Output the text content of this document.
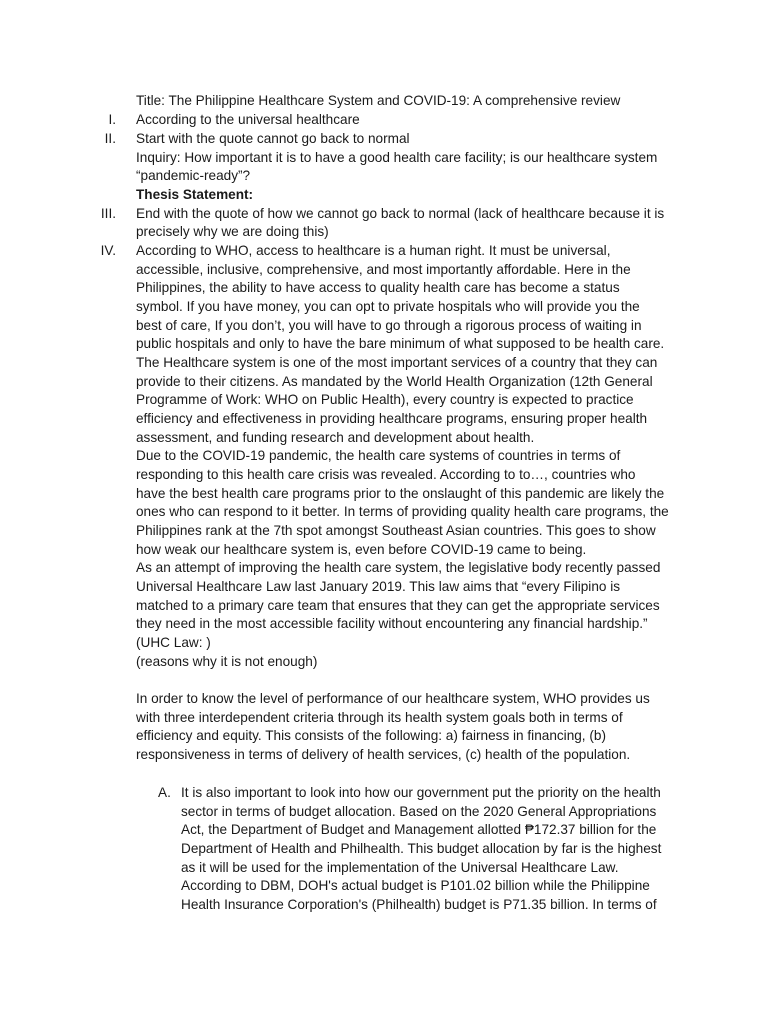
Title: The Philippine Healthcare System and COVID-19: A comprehensive review
I. According to the universal healthcare
II. Start with the quote cannot go back to normal
Inquiry: How important it is to have a good health care facility; is our healthcare system
“pandemic-ready”?
Thesis Statement:
III. End with the quote of how we cannot go back to normal (lack of healthcare because it is
precisely why we are doing this)
IV. According to WHO, access to healthcare is a human right. It must be universal,
accessible, inclusive, comprehensive, and most importantly affordable. Here in the
Philippines, the ability to have access to quality health care has become a status
symbol. If you have money, you can opt to private hospitals who will provide you the
best of care, If you don’t, you will have to go through a rigorous process of waiting in
public hospitals and only to have the bare minimum of what supposed to be health care.
The Healthcare system is one of the most important services of a country that they can
provide to their citizens. As mandated by the World Health Organization (12th General
Programme of Work: WHO on Public Health), every country is expected to practice
efficiency and effectiveness in providing healthcare programs, ensuring proper health
assessment, and funding research and development about health.
Due to the COVID-19 pandemic, the health care systems of countries in terms of
responding to this health care crisis was revealed. According to to…, countries who
have the best health care programs prior to the onslaught of this pandemic are likely the
ones who can respond to it better. In terms of providing quality health care programs, the
Philippines rank at the 7th spot amongst Southeast Asian countries. This goes to show
how weak our healthcare system is, even before COVID-19 came to being.
As an attempt of improving the health care system, the legislative body recently passed
Universal Healthcare Law last January 2019. This law aims that “every Filipino is
matched to a primary care team that ensures that they can get the appropriate services
they need in the most accessible facility without encountering any financial hardship.”
(UHC Law: )
(reasons why it is not enough)
In order to know the level of performance of our healthcare system, WHO provides us
with three interdependent criteria through its health system goals both in terms of
efficiency and equity. This consists of the following: a) fairness in financing, (b)
responsiveness in terms of delivery of health services, (c) health of the population.
A. It is also important to look into how our government put the priority on the health
sector in terms of budget allocation. Based on the 2020 General Appropriations
Act, the Department of Budget and Management allotted ₱172.37 billion for the
Department of Health and Philhealth. This budget allocation by far is the highest
as it will be used for the implementation of the Universal Healthcare Law.
According to DBM, DOH's actual budget is P101.02 billion while the Philippine
Health Insurance Corporation's (Philhealth) budget is P71.35 billion. In terms of
